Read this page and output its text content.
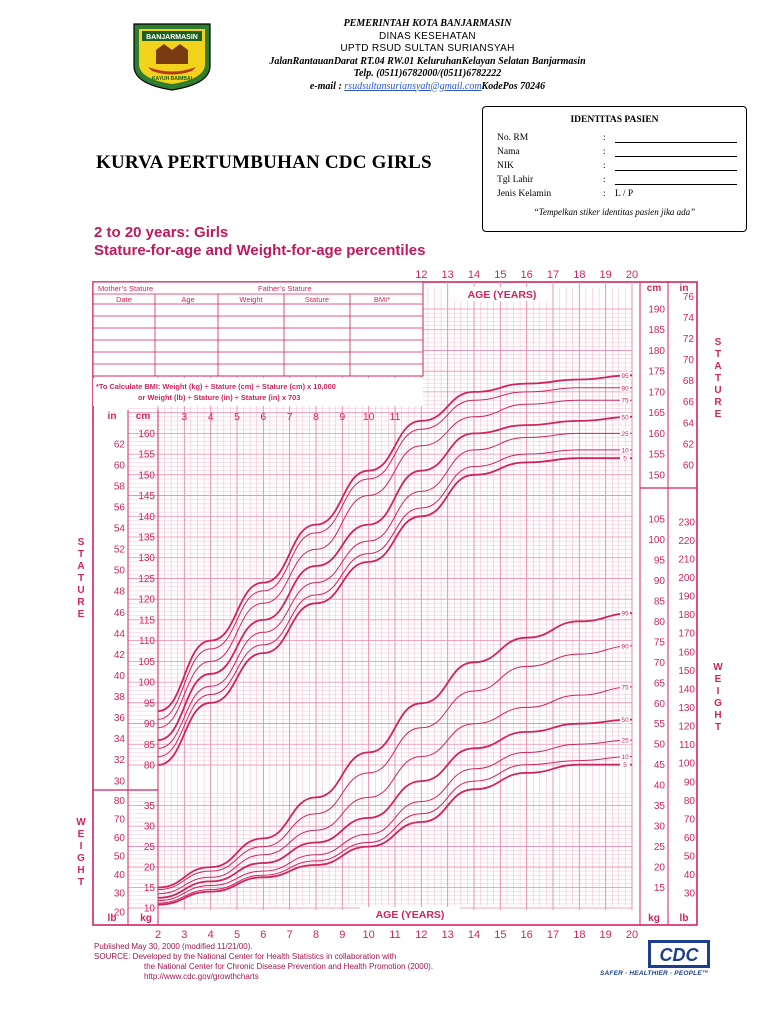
BANJARMASIN
KAYUH BAIMBAI
PEMERINTAH KOTA BANJARMASIN
DINAS KESEHATAN
UPTD RSUD SULTAN SURIANSYAH
JalanRantauanDarat RT.04 RW.01 KeluruhanKelayan Selatan Banjarmasin
Telp. (0511)6782000/(0511)6782222
e-mail : rsudsultansuriansyah@gmail.comKodePos 70246
KURVA PERTUMBUHAN CDC GIRLS
IDENTITAS PASIEN
No. RM	:
Nama	:
NIK	:
Tgl Lahir	:
Jenis Kelamin	: L / P
“Tempelkan stiker identitas pasien jika ada”
2 to 20 years: Girls
Stature-for-age and Weight-for-age percentiles
Mother’s Stature	Father’s Stature
Date	Age	Weight	Stature	BMI*
*To Calculate BMI: Weight (kg) ÷ Stature (cm) ÷ Stature (cm) x 10,000
or Weight (lb) ÷ Stature (in) ÷ Stature (in) x 703
12 13 14 15 16 17 18 19 20
3 4 5 6 7 8 9 10 11
2 3 4 5 6 7 8 9 10 11 12 13 14 15 16 17 18 19 20
AGE (YEARS)
AGE (YEARS)
in cm
lb kg
80
85
90
95
100
105
110
115
120
125
130
135
140
145
150
155
160
30
32
34
36
38
40
42
44
46
48
50
52
54
56
58
60
62
10
15
20
25
30
35
20
30
40
50
60
70
80
cm in
kg lb
150
155
160
165
170
175
180
185
190
60
62
64
66
68
70
72
74
76
15
20
25
30
35
40
45
50
55
60
65
70
75
80
85
90
95
100
105
30
40
50
60
70
80
90
100
110
120
130
140
150
160
170
180
190
200
210
220
230
S
T
A
T
U
R
E
W
E
I
G
H
T
S
T
A
T
U
R
E
W
E
I
G
H
T
95
90
75
50
25
10
5
95
90
75
50
25
10
5
Published May 30, 2000 (modified 11/21/00).
SOURCE: Developed by the National Center for Health Statistics in collaboration with
the National Center for Chronic Disease Prevention and Health Promotion (2000).
http://www.cdc.gov/growthcharts
CDC
SAFER · HEALTHIER · PEOPLE™
